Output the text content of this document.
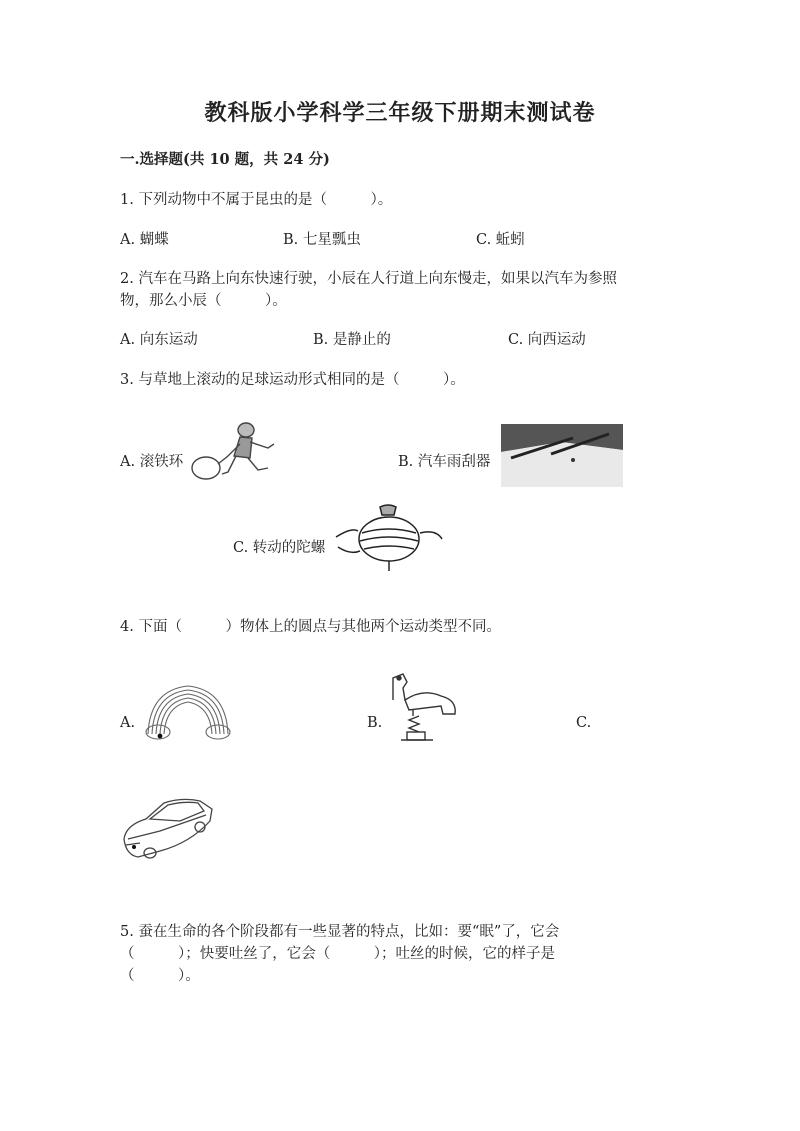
教科版小学科学三年级下册期末测试卷
一.选择题(共 10 题，共 24 分)
1. 下列动物中不属于昆虫的是（　　　）。
A. 蝴蝶	B. 七星瓢虫	C. 蚯蚓
2. 汽车在马路上向东快速行驶，小辰在人行道上向东慢走，如果以汽车为参照
物，那么小辰（　　　）。
A. 向东运动	B. 是静止的	C. 向西运动
3. 与草地上滚动的足球运动形式相同的是（　　　）。
A. 滚铁环	B. 汽车雨刮器
C. 转动的陀螺
4. 下面（　　　）物体上的圆点与其他两个运动类型不同。
A.	B.	C.
5. 蚕在生命的各个阶段都有一些显著的特点，比如：要“眠”了，它会
（　　　）；快要吐丝了，它会（　　　）；吐丝的时候，它的样子是
（　　　）。
